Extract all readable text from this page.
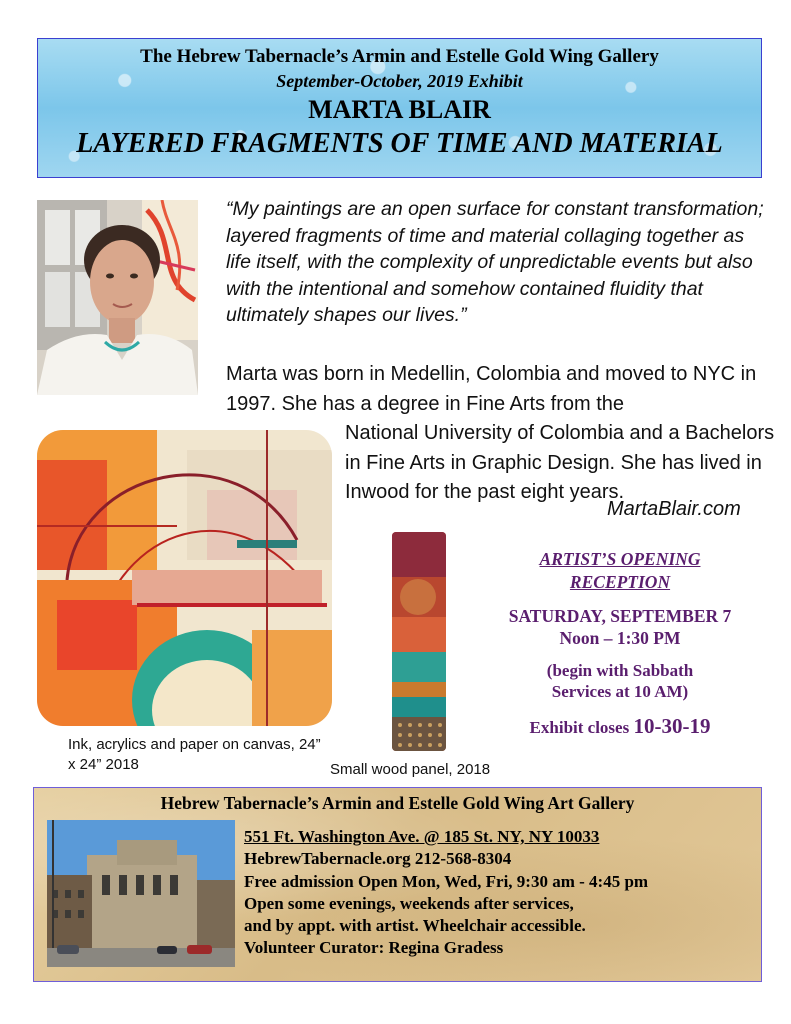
The Hebrew Tabernacle’s Armin and Estelle Gold Wing Gallery
September-October, 2019 Exhibit
MARTA BLAIR
LAYERED FRAGMENTS OF TIME AND MATERIAL
“My paintings are an open surface for constant transformation; layered fragments of time and material collaging together as life itself, with the complexity of unpredictable events but also with the intentional and somehow contained fluidity that ultimately shapes our lives.”
Marta was born in Medellin, Colombia and moved to NYC in 1997. She has a degree in Fine Arts from the
National University of Colombia and a Bachelors in Fine Arts in Graphic Design. She has lived in Inwood for the past eight years.
MartaBlair.com
Ink, acrylics and paper on canvas, 24” x 24” 2018	Small wood panel, 2018
ARTIST’S OPENING
RECEPTION
SATURDAY, SEPTEMBER 7
Noon – 1:30 PM
(begin with Sabbath
Services at 10 AM)
Exhibit closes 10-30-19
Hebrew Tabernacle’s Armin and Estelle Gold Wing Art Gallery
551 Ft. Washington Ave. @ 185 St. NY, NY 10033
HebrewTabernacle.org 212-568-8304
Free admission Open Mon, Wed, Fri, 9:30 am - 4:45 pm
Open some evenings, weekends after services,
and by appt. with artist. Wheelchair accessible.
Volunteer Curator: Regina Gradess
